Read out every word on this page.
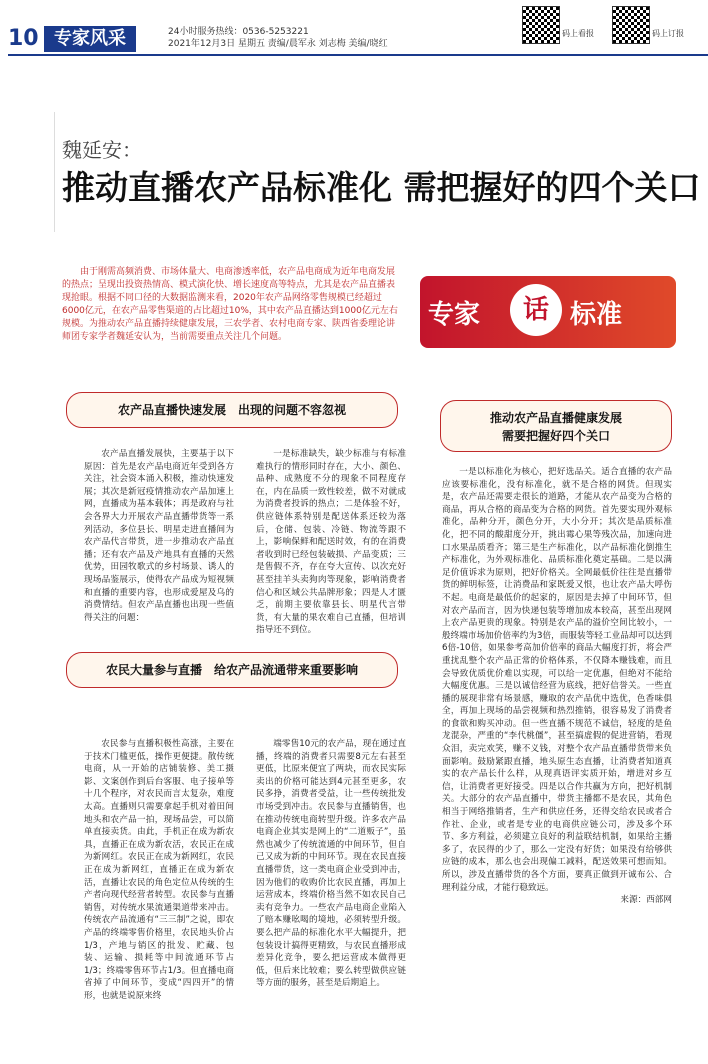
10 专家风采	24小时服务热线：0536-5253221
2021年12月3日 星期五 责编/晨军永 刘志梅 美编/晓红
码上看报	码上订报
魏延安：
推动直播农产品标准化 需把握好的四个关口
由于刚需高频消费、市场体量大、电商渗透率低，农产品电商成为近年电商发展的热点；呈现出投资热情高、模式演化快、增长速度高等特点，尤其是农产品直播表现抢眼。根据不同口径的大数据监测来看，2020年农产品网络零售规模已经超过6000亿元，在农产品零售渠道的占比超过10%，其中农产品直播达到1000亿元左右规模。为推动农产品直播持续健康发展，三农学者、农村电商专家、陕西省委理论讲师团专家学者魏延安认为，当前需要重点关注几个问题。
专家	话 标准
农产品直播快速发展　出现的问题不容忽视
推动农产品直播健康发展
需要把握好四个关口

农产品直播发展快，主要基于以下原因：首先是农产品电商近年受到各方关注，社会资本涌入积极，推动快速发展；其次是新冠疫情推动农产品加速上网，直播成为基本载体；再是政府与社会各界大力开展农产品直播带货等一系列活动，多位县长、明星走进直播间为农产品代言带货，进一步推动农产品直播；还有农产品及产地具有直播的天然优势，田园牧歌式的乡村场景、诱人的现场品鉴展示，使得农产品成为短视频和直播的重要内容，也形成爱屋及乌的消费情结。但农产品直播也出现一些值得关注的问题：

一是标准缺失，缺少标准与有标准难执行的情形同时存在，大小、颜色、品种、成熟度不分的现象不同程度存在，内在品质一致性较差，做不对就成为消费者投诉的热点；二是体验不好，供应链体系特别是配送体系还较为落后，仓储、包装、冷链、物流等跟不上，影响保鲜和配送时效，有的在消费者收到时已经包装破损、产品变质；三是售假不齐，存在夸大宣传、以次充好甚至挂羊头卖狗肉等现象，影响消费者信心和区域公共品牌形象；四是人才匮乏，前期主要依靠县长、明星代言带货，有大量的果农难自己直播，但培训指导还不到位。

农民大量参与直播　给农产品流通带来重要影响

农民参与直播积极性高涨，主要在于技术门槛更低，操作更便捷。散传统电商，从一开始的店铺装修、美工摄影、文案创作到后台客服、电子接单等十几个程序，对农民而言太复杂，难度太高。直播则只需要拿起手机对着田间地头和农产品一拍，现场品尝，可以简单直接卖货。由此，手机正在成为新农具，直播正在成为新农活，农民正在成为新网红。农民正在成为新网红，农民正在成为新网红，直播正在成为新农活，直播让农民的角色定位从传统的生产者向现代经营者转型。农民参与直播销售，对传统水果流通渠道带来冲击。传统农产品流通有“三三制”之说，即农产品的终端零售价格里，农民地头价占1/3，产地与销区的批发、贮藏、包装、运输、损耗等中间流通环节占1/3；终端零售环节占1/3。但直播电商省掉了中间环节，变成“四四开”的情形，也就是说原来终

端零售10元的农产品，现在通过直播，终端的消费者只需要8元左右甚至更低，比原来便宜了两块，而农民实际卖出的价格可能达到4元甚至更多，农民多挣，消费者受益，让一些传统批发市场受到冲击。农民参与直播销售，也在推动传统电商转型升级。许多农产品电商企业其实是网上的“二道贩子”，虽然也减少了传统流通的中间环节，但自己又成为新的中间环节。现在农民直接直播带货，这一类电商企业受到冲击，因为他们的收购价比农民直播，再加上运营成本，终端价格当然不如农民自己卖有竞争力。一些农产品电商企业陷入了赔本赚吆喝的境地，必须转型升级。要么把产品的标准化水平大幅提升，把包装设计搞得更精致，与农民直播形成差异化竞争，要么把运营成本做得更低，但后来比较难；要么转型做供应链等方面的服务，甚至是后期追上。

一是以标准化为核心，把好选品关。适合直播的农产品应该要标准化，没有标准化，就不是合格的网货。但现实是，农产品还需要走很长的道路，才能从农产品变为合格的商品，再从合格的商品变为合格的网货。首先要实现外观标准化，品种分开，颜色分开，大小分开；其次是品质标准化，把不同的酸甜度分开，挑出霉心果等残次品，加速向进口水果品质看齐；第三是生产标准化，以产品标准化倒推生产标准化，为外观标准化、品质标准化奠定基础。二是以满足价值诉求为原则，把好价格关。全网最低价往往是直播带货的鲜明标签，让消费品和家既爱又恨，也让农产品大呼伤不起。电商是最低价的起家的，原因是去掉了中间环节，但对农产品而言，因为快递包装等增加成本较高，甚至出现网上农产品更贵的现象。特别是农产品的溢价空间比较小，一般终端市场加价倍率约为3倍，而服装等轻工业品却可以达到6倍-10倍，如果参考高加价倍率的商品大幅度打折，将会严重扰乱整个农产品正常的价格体系，不仅降本赚钱难，而且会导致优质优价难以实现，可以给一定优惠，但绝对不能给大幅度优惠。三是以诚信经营为底线，把好信誉关。一些直播的展现非常有场景感，赚取的农产品优中选优，色香味俱全，再加上现场的品尝视频和热烈推销，很容易发了消费者的食欲和购买冲动。但一些直播不规范不诚信，轻度的是鱼龙混杂，严重的“李代桃僵”，甚至搞虚假的促进营销，看现众泪，卖完欢笑，赚不义钱，对整个农产品直播带货带来负面影响。鼓励紧跟直播，地头原生态直播，让消费者知道真实的农产品长什么样，从现真语评实质开始，增进对乡互信，让消费者更好接受。四是以合作共赢为方向，把好机制关。大部分的农产品直播中，带货主播都不是农民，其角色相当于网络推销者，生产和供应任务，还得交给农民或者合作社、企业，或者是专业的电商供应链公司，涉及多个环节、多方利益，必须建立良好的利益联结机制，如果给主播多了，农民得的少了，那么一定没有好货；如果没有给够供应链的成本，那么也会出现偏工减料，配送效果可想而知。所以，涉及直播带货的各个方面，要真正做到开诚布公、合理利益分成，才能行稳致远。

来源：西部网
